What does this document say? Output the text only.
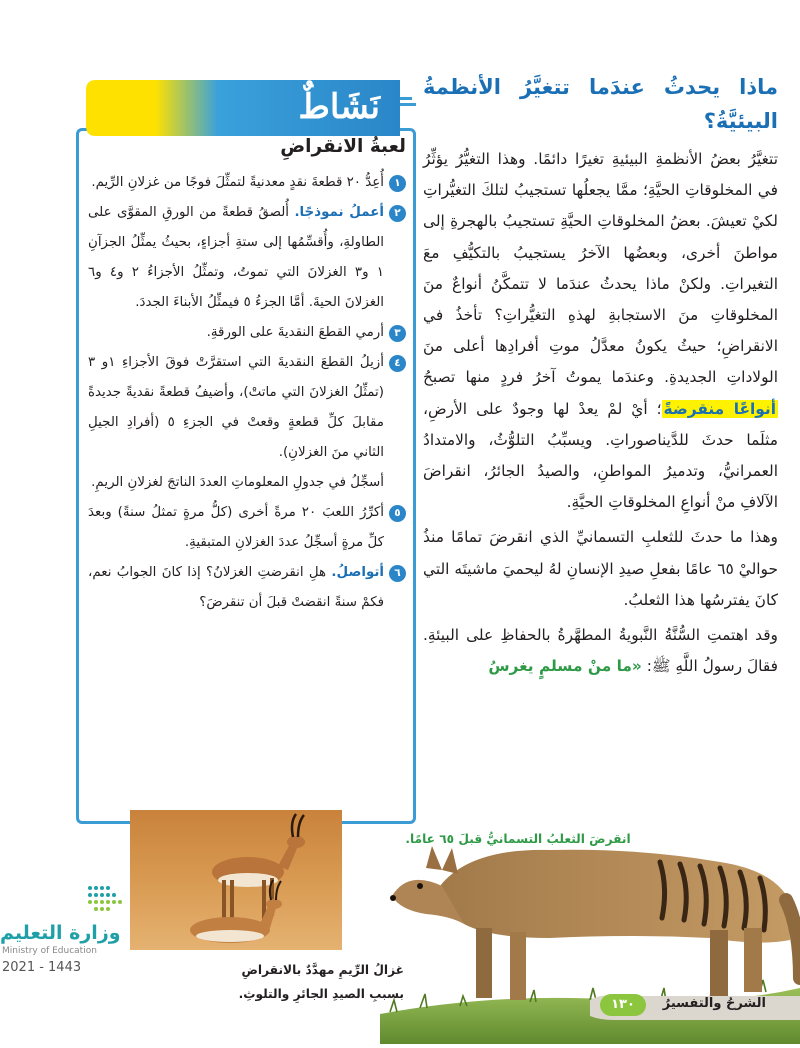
ماذا يحدثُ عندَما تتغيَّرُ الأنظمةُ البيئيَّةُ؟

تتغيَّرُ بعضُ الأنظمةِ البيئيةِ تغيرًا دائمًا. وهذا التغيُّرُ يؤثِّرُ في المخلوقاتِ الحيَّةِ؛ ممَّا يجعلُها تستجيبُ لتلكَ التغيُّراتِ لكيْ تعيشَ. بعضُ المخلوقاتِ الحيَّةِ تستجيبُ بالهجرةِ إلى مواطنَ أخرى، وبعضُها الآخرُ يستجيبُ بالتكيُّفِ معَ التغيراتِ. ولكنْ ماذا يحدثُ عندَما لا تتمكَّنُ أنواعٌ منَ المخلوقاتِ منَ الاستجابةِ لهذهِ التغيُّراتِ؟ تأخذُ في الانقراضِ؛ حيثُ يكونُ معدَّلُ موتِ أفرادِها أعلى منَ الولاداتِ الجديدةِ. وعندَما يموتُ آخرُ فردٍ منها تصبحُ أنواعًا منقرضةً؛ أيْ لمْ يعدْ لها وجودٌ على الأرضِ، مثلَما حدثَ للدَّيناصوراتِ. ويسبِّبُ التلوُّثُ، والامتدادُ العمرانيُّ، وتدميرُ المواطنِ، والصيدُ الجائرُ، انقراضَ الآلافِ منْ أنواعِ المخلوقاتِ الحيَّةِ.

وهذا ما حدثَ للثعلبِ التسمانيِّ الذي انقرضَ تمامًا منذُ حواليْ ٦٥ عامًا بفعلِ صيدِ الإنسانِ لهُ ليحميَ ماشيتَه التي كانَ يفترسُها هذا الثعلبُ.

وقد اهتمتِ السُّنَّةُ النَّبويةُ المطهَّرةُ بالحفاظِ على البيئةِ. فقالَ رسولُ اللَّهِ ﷺ: «ما منْ مسلمٍ يغرسُ

نَشَاطٌ
لعبةُ الانقراضِ

١
أُعِدُّ ٢٠ قطعةَ نقدٍ معدنيةً لتمثِّلَ فوجًا من غزلانِ الرِّيم.

٢
أعملُ نموذجًا. أُلصقُ قطعةً من الورقِ المقوَّى على الطاولةِ، وأُقسِّمُها إلى ستةِ أجزاءٍ، بحيثُ يمثِّلُ الجزآنِ ١ و٣ الغزلانَ التي تموتُ، وتمثِّلُ الأجزاءُ ٢ و٤ و٦ الغزلانَ الحيةَ. أمَّا الجزءُ ٥ فيمثِّلُ الأبناءَ الجددَ.

٣
أرمي القطعَ النقديةَ على الورقةِ.

٤
أزيلُ القطعَ النقديةَ التي استقرَّتْ فوقَ الأجزاءِ ١و ٣ (تمثِّلُ الغزلانَ التي ماتتْ)، وأضيفُ قطعةً نقديةً جديدةً مقابلَ كلِّ قطعةٍ وقعتْ في الجزءِ ٥ (أفرادِ الجيلِ الثاني منَ الغزلانِ).

أسجِّلُ في جدولِ المعلوماتِ العددَ الناتجَ لغزلانِ الريمِ.

٥
أكرِّرُ اللعبَ ٢٠ مرةً أخرى (كلُّ مرةٍ تمثلُ سنةً) وبعدَ كلِّ مرةٍ أسجِّلُ عددَ الغزلانِ المتبقيةِ.

٦
أتواصلُ. هلِ انقرضتِ الغزلانُ؟ إذا كانَ الجوابُ نعم، فكمْ سنةً انقضتْ قبلَ أن تنقرضَ؟

غزالُ الرِّيمِ مهدَّدٌ بالانقراضِ بسببِ الصيدِ الجائرِ والتلوثِ.
وزارة التعليم
Ministry of Education
2021 - 1443
انقرضَ الثعلبُ التسمانيُّ قبلَ ٦٥ عامًا.
الشرحُ والتفسيرُ
١٣٠
